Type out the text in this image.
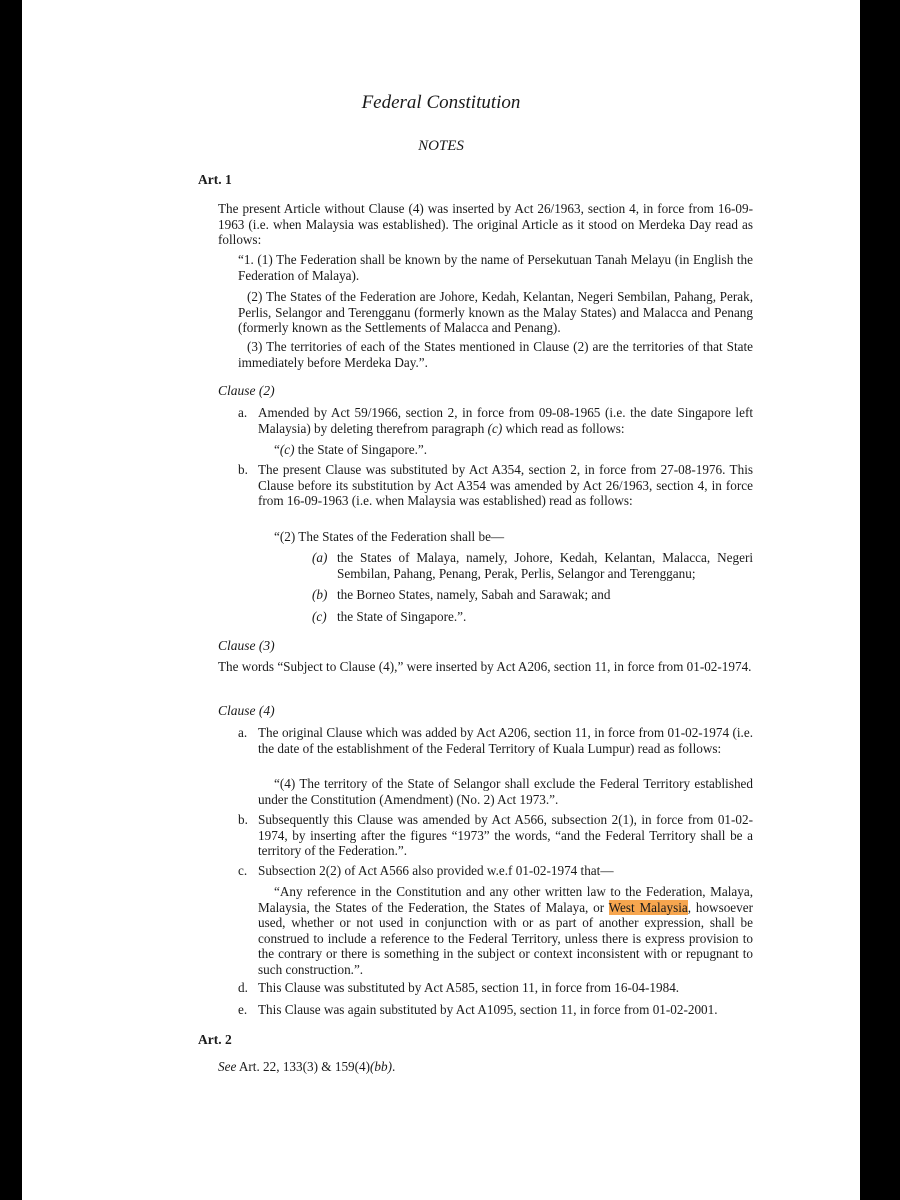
Federal Constitution
NOTES
Art. 1

The present Article without Clause (4) was inserted by Act 26/1963, section 4, in force from 16-09-1963 (i.e. when Malaysia was established). The original Article as it stood on Merdeka Day read as follows:

“1. (1) The Federation shall be known by the name of Persekutuan Tanah Melayu (in English the Federation of Malaya).

(2) The States of the Federation are Johore, Kedah, Kelantan, Negeri Sembilan, Pahang, Perak, Perlis, Selangor and Terengganu (formerly known as the Malay States) and Malacca and Penang (formerly known as the Settlements of Malacca and Penang).

(3) The territories of each of the States mentioned in Clause (2) are the territories of that State immediately before Merdeka Day.”.

Clause (2)
a. Amended by Act 59/1966, section 2, in force from 09-08-1965 (i.e. the date Singapore left Malaysia) by deleting therefrom paragraph (c) which read as follows:

“(c) the State of Singapore.”.

b. The present Clause was substituted by Act A354, section 2, in force from 27-08-1976. This Clause before its substitution by Act A354 was amended by Act 26/1963, section 4, in force from 16-09-1963 (i.e. when Malaysia was established) read as follows:

“(2) The States of the Federation shall be—

(a) the States of Malaya, namely, Johore, Kedah, Kelantan, Malacca, Negeri Sembilan, Pahang, Penang, Perak, Perlis, Selangor and Terengganu;

(b) the Borneo States, namely, Sabah and Sarawak; and

(c) the State of Singapore.”.

Clause (3)

The words “Subject to Clause (4),” were inserted by Act A206, section 11, in force from 01-02-1974.

Clause (4)
a. The original Clause which was added by Act A206, section 11, in force from 01-02-1974 (i.e. the date of the establishment of the Federal Territory of Kuala Lumpur) read as follows:

“(4) The territory of the State of Selangor shall exclude the Federal Territory established under the Constitution (Amendment) (No. 2) Act 1973.”.

b. Subsequently this Clause was amended by Act A566, subsection 2(1), in force from 01-02-1974, by inserting after the figures “1973” the words, “and the Federal Territory shall be a territory of the Federation.”.

c. Subsection 2(2) of Act A566 also provided w.e.f 01-02-1974 that—

“Any reference in the Constitution and any other written law to the Federation, Malaya, Malaysia, the States of the Federation, the States of Malaya, or West Malaysia, howsoever used, whether or not used in conjunction with or as part of another expression, shall be construed to include a reference to the Federal Territory, unless there is express provision to the contrary or there is something in the subject or context inconsistent with or repugnant to such construction.”.

d. This Clause was substituted by Act A585, section 11, in force from 16-04-1984.

e. This Clause was again substituted by Act A1095, section 11, in force from 01-02-2001.

Art. 2

See Art. 22, 133(3) & 159(4)(bb).
